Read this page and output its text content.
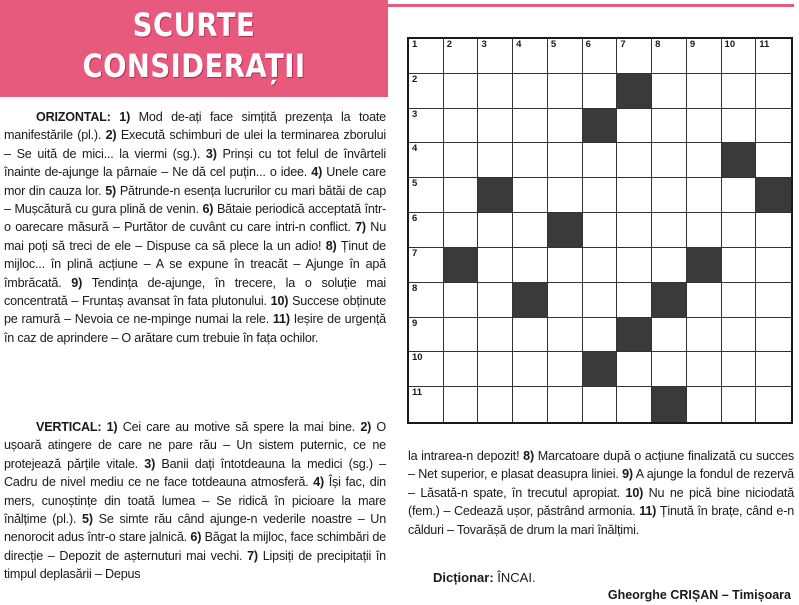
SCURTE
CONSIDERAȚII

ORIZONTAL: 1) Mod de-ați face simțită prezența la toate manifestările (pl.). 2) Execută schimburi de ulei la terminarea zborului – Se uită de mici... la viermi (sg.). 3) Prinși cu tot felul de învârteli înainte de-ajunge la pârnaie – Ne dă cel puțin... o idee. 4) Unele care mor din cauza lor. 5) Pătrunde-n esența lucrurilor cu mari bătăi de cap – Mușcătură cu gura plină de venin. 6) Bătaie periodică acceptată într-o oarecare măsură – Purtător de cuvânt cu care intri-n conflict. 7) Nu mai poți să treci de ele – Dispuse ca să plece la un adio! 8) Ținut de mijloc... în plină acțiune – A se expune în treacăt – Ajunge în apă îmbrăcată. 9) Tendința de-ajunge, în trecere, la o soluție mai concentrată – Fruntaș avansat în fata plutonului. 10) Succese obținute pe ramură – Nevoia ce ne-mpinge numai la rele. 11) Ieșire de urgență în caz de aprindere – O arătare cum trebuie în fața ochilor.

VERTICAL: 1) Cei care au motive să spere la mai bine. 2) O ușoară atingere de care ne pare rău – Un sistem puternic, ce ne protejează părțile vitale. 3) Banii dați întotdeauna la medici (sg.) – Cadru de nivel mediu ce ne face totdeauna atmosferă. 4) Își fac, din mers, cunoștințe din toată lumea – Se ridică în picioare la mare înălțime (pl.). 5) Se simte rău când ajunge-n vederile noastre – Un nenorocit adus într-o stare jalnică. 6) Băgat la mijloc, face schimbări de direcție – Depozit de așternuturi mai vechi. 7) Lipsiți de precipitații în timpul deplasării – Depus

la intrarea-n depozit! 8) Marcatoare după o acțiune finalizată cu succes – Net superior, e plasat deasupra liniei. 9) A ajunge la fondul de rezervă – Lăsată-n spate, în trecutul apropiat. 10) Nu ne pică bine niciodată (fem.) – Cedează ușor, păstrând armonia. 11) Ținută în brațe, când e-n călduri – Tovarășă de drum la mari înălțimi.

Dicționar: ÎNCAI.
Gheorghe CRIȘAN – Timișoara
1	2	3	4	5	6	7	8	9	10	11
2
3
4
5
6
7
8
9
10
11
